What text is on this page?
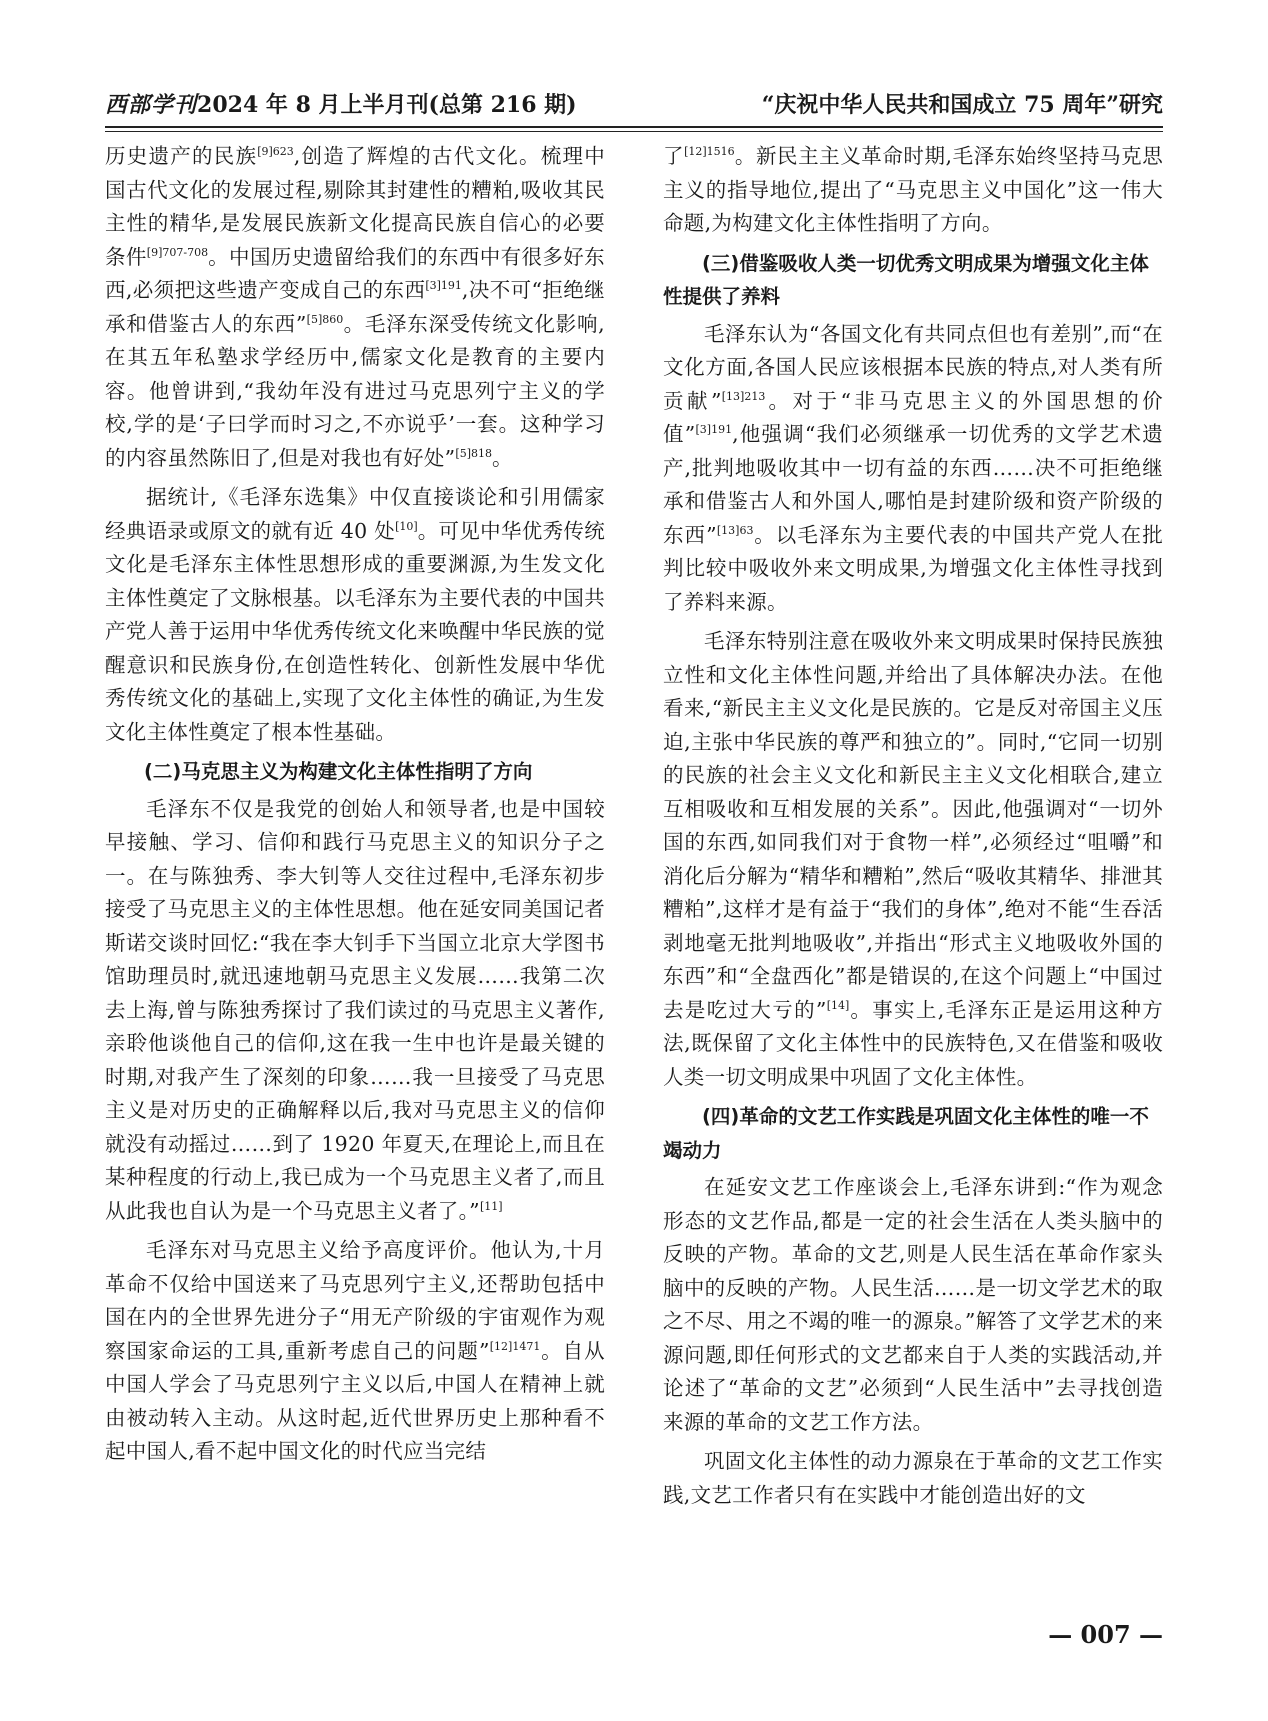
西部学刊2024 年 8 月上半月刊(总第 216 期)	“庆祝中华人民共和国成立 75 周年”研究

历史遗产的民族$^{[9]623}$,创造了辉煌的古代文化。梳理中国古代文化的发展过程,剔除其封建性的糟粕,吸收其民主性的精华,是发展民族新文化提高民族自信心的必要条件$^{[9]707-708}$。中国历史遗留给我们的东西中有很多好东西,必须把这些遗产变成自己的东西$^{[3]191}$,决不可“拒绝继承和借鉴古人的东西”$^{[5]860}$。毛泽东深受传统文化影响,在其五年私塾求学经历中,儒家文化是教育的主要内容。他曾讲到,“我幼年没有进过马克思列宁主义的学校,学的是‘子曰学而时习之,不亦说乎’一套。这种学习的内容虽然陈旧了,但是对我也有好处”$^{[5]818}$。

据统计,《毛泽东选集》中仅直接谈论和引用儒家经典语录或原文的就有近 40 处[10]。可见中华优秀传统文化是毛泽东主体性思想形成的重要渊源,为生发文化主体性奠定了文脉根基。以毛泽东为主要代表的中国共产党人善于运用中华优秀传统文化来唤醒中华民族的觉醒意识和民族身份,在创造性转化、创新性发展中华优秀传统文化的基础上,实现了文化主体性的确证,为生发文化主体性奠定了根本性基础。

(二)马克思主义为构建文化主体性指明了方向

毛泽东不仅是我党的创始人和领导者,也是中国较早接触、学习、信仰和践行马克思主义的知识分子之一。在与陈独秀、李大钊等人交往过程中,毛泽东初步接受了马克思主义的主体性思想。他在延安同美国记者斯诺交谈时回忆:“我在李大钊手下当国立北京大学图书馆助理员时,就迅速地朝马克思主义发展……我第二次去上海,曾与陈独秀探讨了我们读过的马克思主义著作,亲聆他谈他自己的信仰,这在我一生中也许是最关键的时期,对我产生了深刻的印象……我一旦接受了马克思主义是对历史的正确解释以后,我对马克思主义的信仰就没有动摇过……到了 1920 年夏天,在理论上,而且在某种程度的行动上,我已成为一个马克思主义者了,而且从此我也自认为是一个马克思主义者了。”[11]

毛泽东对马克思主义给予高度评价。他认为,十月革命不仅给中国送来了马克思列宁主义,还帮助包括中国在内的全世界先进分子“用无产阶级的宇宙观作为观察国家命运的工具,重新考虑自己的问题”$^{[12]1471}$。自从中国人学会了马克思列宁主义以后,中国人在精神上就由被动转入主动。从这时起,近代世界历史上那种看不起中国人,看不起中国文化的时代应当完结

了$^{[12]1516}$。新民主主义革命时期,毛泽东始终坚持马克思主义的指导地位,提出了“马克思主义中国化”这一伟大命题,为构建文化主体性指明了方向。

(三)借鉴吸收人类一切优秀文明成果为增强文化主体性提供了养料

毛泽东认为“各国文化有共同点但也有差别”,而“在文化方面,各国人民应该根据本民族的特点,对人类有所贡献”$^{[13]213}$。对于“非马克思主义的外国思想的价值”$^{[3]191}$,他强调“我们必须继承一切优秀的文学艺术遗产,批判地吸收其中一切有益的东西……决不可拒绝继承和借鉴古人和外国人,哪怕是封建阶级和资产阶级的东西”$^{[13]63}$。以毛泽东为主要代表的中国共产党人在批判比较中吸收外来文明成果,为增强文化主体性寻找到了养料来源。

毛泽东特别注意在吸收外来文明成果时保持民族独立性和文化主体性问题,并给出了具体解决办法。在他看来,“新民主主义文化是民族的。它是反对帝国主义压迫,主张中华民族的尊严和独立的”。同时,“它同一切别的民族的社会主义文化和新民主主义文化相联合,建立互相吸收和互相发展的关系”。因此,他强调对“一切外国的东西,如同我们对于食物一样”,必须经过“咀嚼”和消化后分解为“精华和糟粕”,然后“吸收其精华、排泄其糟粕”,这样才是有益于“我们的身体”,绝对不能“生吞活剥地毫无批判地吸收”,并指出“形式主义地吸收外国的东西”和“全盘西化”都是错误的,在这个问题上“中国过去是吃过大亏的”[14]。事实上,毛泽东正是运用这种方法,既保留了文化主体性中的民族特色,又在借鉴和吸收人类一切文明成果中巩固了文化主体性。

(四)革命的文艺工作实践是巩固文化主体性的唯一不竭动力

在延安文艺工作座谈会上,毛泽东讲到:“作为观念形态的文艺作品,都是一定的社会生活在人类头脑中的反映的产物。革命的文艺,则是人民生活在革命作家头脑中的反映的产物。人民生活……是一切文学艺术的取之不尽、用之不竭的唯一的源泉。”解答了文学艺术的来源问题,即任何形式的文艺都来自于人类的实践活动,并论述了“革命的文艺”必须到“人民生活中”去寻找创造来源的革命的文艺工作方法。

巩固文化主体性的动力源泉在于革命的文艺工作实践,文艺工作者只有在实践中才能创造出好的文

— 007 —
